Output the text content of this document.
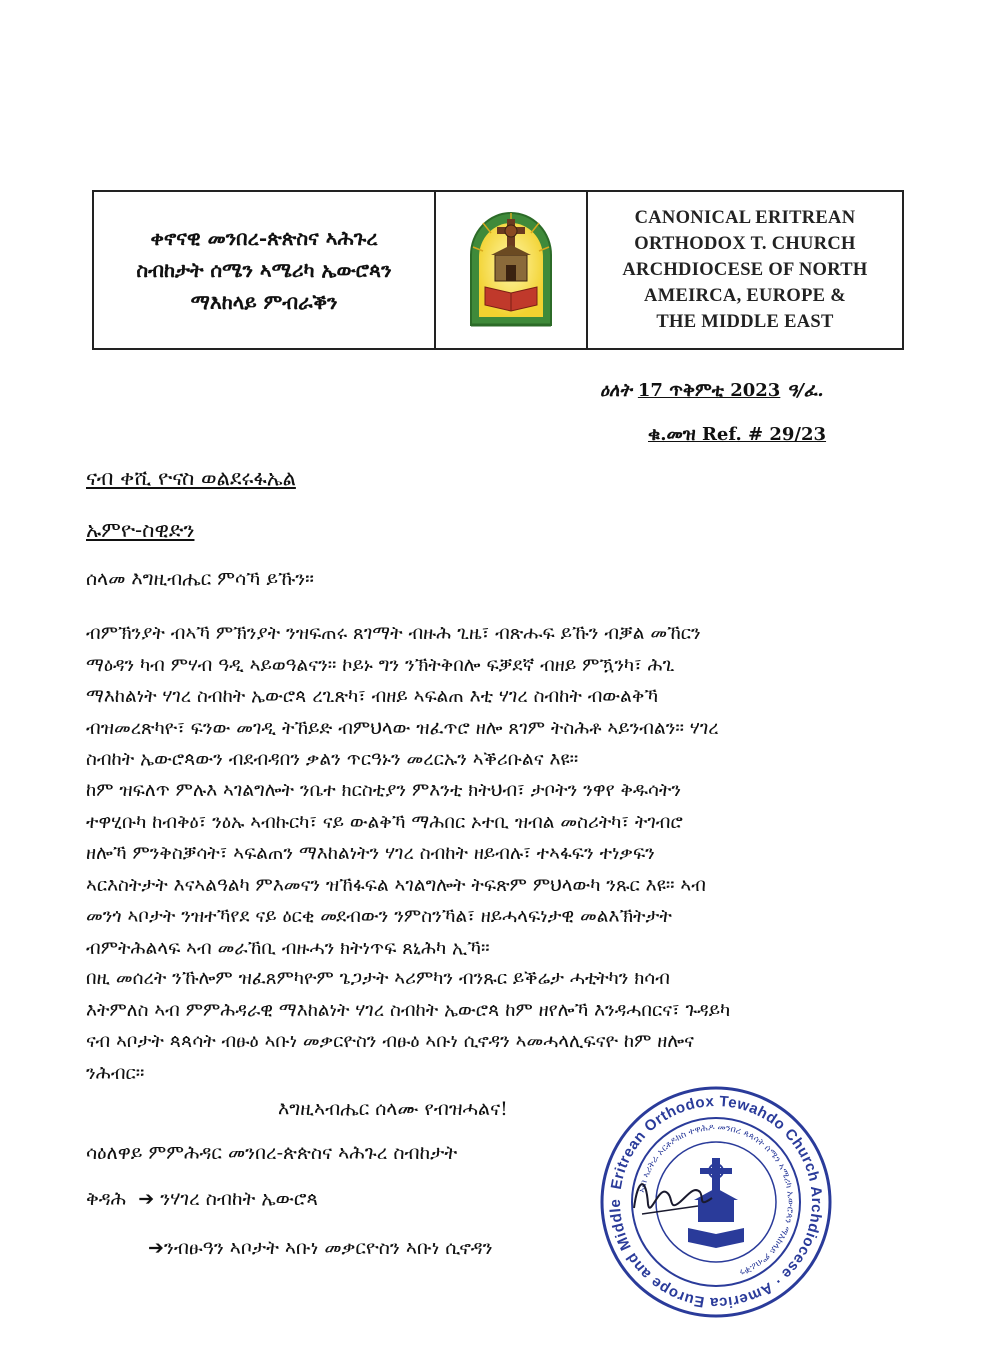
ቀኖናዊ መንበረ-ጵጵስና ኣሕጉረ
ስብከታት ሰሜን ኣሜሪካ ኤውሮጳን
ማእከላይ ምብራቕን
CANONICAL ERITREAN
ORTHODOX T. CHURCH
ARCHDIOCESE OF NORTH
AMEIRCA, EUROPE &
THE MIDDLE EAST
ዕለት 17 ጥቅምቲ 2023 ዓ/ፈ.
ቁ.መዝ Ref. # 29/23
ናብ ቀሺ ዮናስ ወልደሩፋኤል
ኡምዮ-ስዊድን
ሰላመ እግዚብሔር ምሳኻ ይኹን።
ብምኽንያት ብኣኻ ምኽንያት ንዝፍጠሩ ጸገማት ብዙሕ ጊዜ፣ ብጽሑፍ ይኹን ብቓል መኸርን
ማዕዳን ካብ ምሃብ ዓዲ ኣይወዓልናን። ኮይኑ ግን ንኽትቅበሎ ፍቓደኛ ብዘይ ምዃንካ፣ ሕጊ
ማእከልነት ሃገረ ስብከት ኤውሮጳ ረጊጽካ፣ ብዘይ ኣፍልጠ እቲ ሃገረ ስብከት ብውልቅኻ
ብዝመረጽካዮ፣ ፍንው መገዲ ትኸይድ ብምህላው ዝፈጥሮ ዘሎ ጸገም ትስሕቶ ኣይንብልን። ሃገረ
ስብከት ኤውሮጳውን ብደብዳበን ቃልን ጥርዓኑን መረርኡን ኣቕሪቡልና እዩ።
ከም ዝፍለጥ ምሉእ ኣገልግሎት ንቤተ ክርስቲያን ምእንቲ ክትህብ፣ ታቦትን ንዋየ ቅዱሳትን
ተዋሂቡካ ከብቅዕ፣ ንዕኡ ኣብኩርካ፣ ናይ ውልቅኻ ማሕበር ኦተቢ ዝብል መስሪትካ፣ ትገብሮ
ዘሎኻ ምንቅስቓሳት፣ ኣፍልጠን ማእከልነትን ሃገረ ስብከት ዘይብሉ፣ ተኣፋፍን ተነቃፍን
ኣርእስትታት እናኣልዓልካ ምእመናን ዝኸፋፍል ኣገልግሎት ትፍጽም ምህላውካ ንጹር እዩ። ኣብ
መንጎ ኣቦታት ንዝተኻየደ ናይ ዕርቂ መደብውን ንምስንኻል፣ ዘይሓላፍነታዊ መልእኽትታት
ብምትሕልላፍ ኣብ መራኸቢ ብዙሓን ክትነጥፍ ጸኒሕካ ኢኻ።
በዚ መሰረት ንኹሎም ዝፈጸምካዮም ጌጋታት ኣሪምካን ብንጹር ይቕሬታ ሓቲትካን ክሳብ
እትምለስ ኣብ ምምሕዳራዊ ማእከልነት ሃገረ ስብከት ኤውሮጳ ከም ዘየሎኻ እንዳሓበርና፣ ጉዳይካ
ናብ ኣቦታት ጳጳሳት ብፁዕ ኣቡነ መቃርዮስን ብፁዕ ኣቡነ ሲኖዳን ኣመሓላሊፍናዮ ከም ዘሎና
ንሕብር።
እግዚኣብሔር ሰላሙ የብዝሓልና!
ሳዕለዋይ ምምሕዳር መንበረ-ጵጵስና ኣሕጉረ ስብከታት
ቅዳሕ ➔ ንሃገረ ስብከት ኤውሮጳ
➔ንብፁዓን ኣቦታት ኣቡነ መቃርዮስን ኣቡነ ሲኖዳን
Eritrean Orthodox Tewahdo Church Archdiocese · America Europe and Middle
ኣብ ኣሪትራ ኦርቶዶክስ ተዋሕዶ መንበረ ጳጳሳት ሰሜን ኣሜሪካ ኤውሮጳን ማእከላይ ምብራቕን
